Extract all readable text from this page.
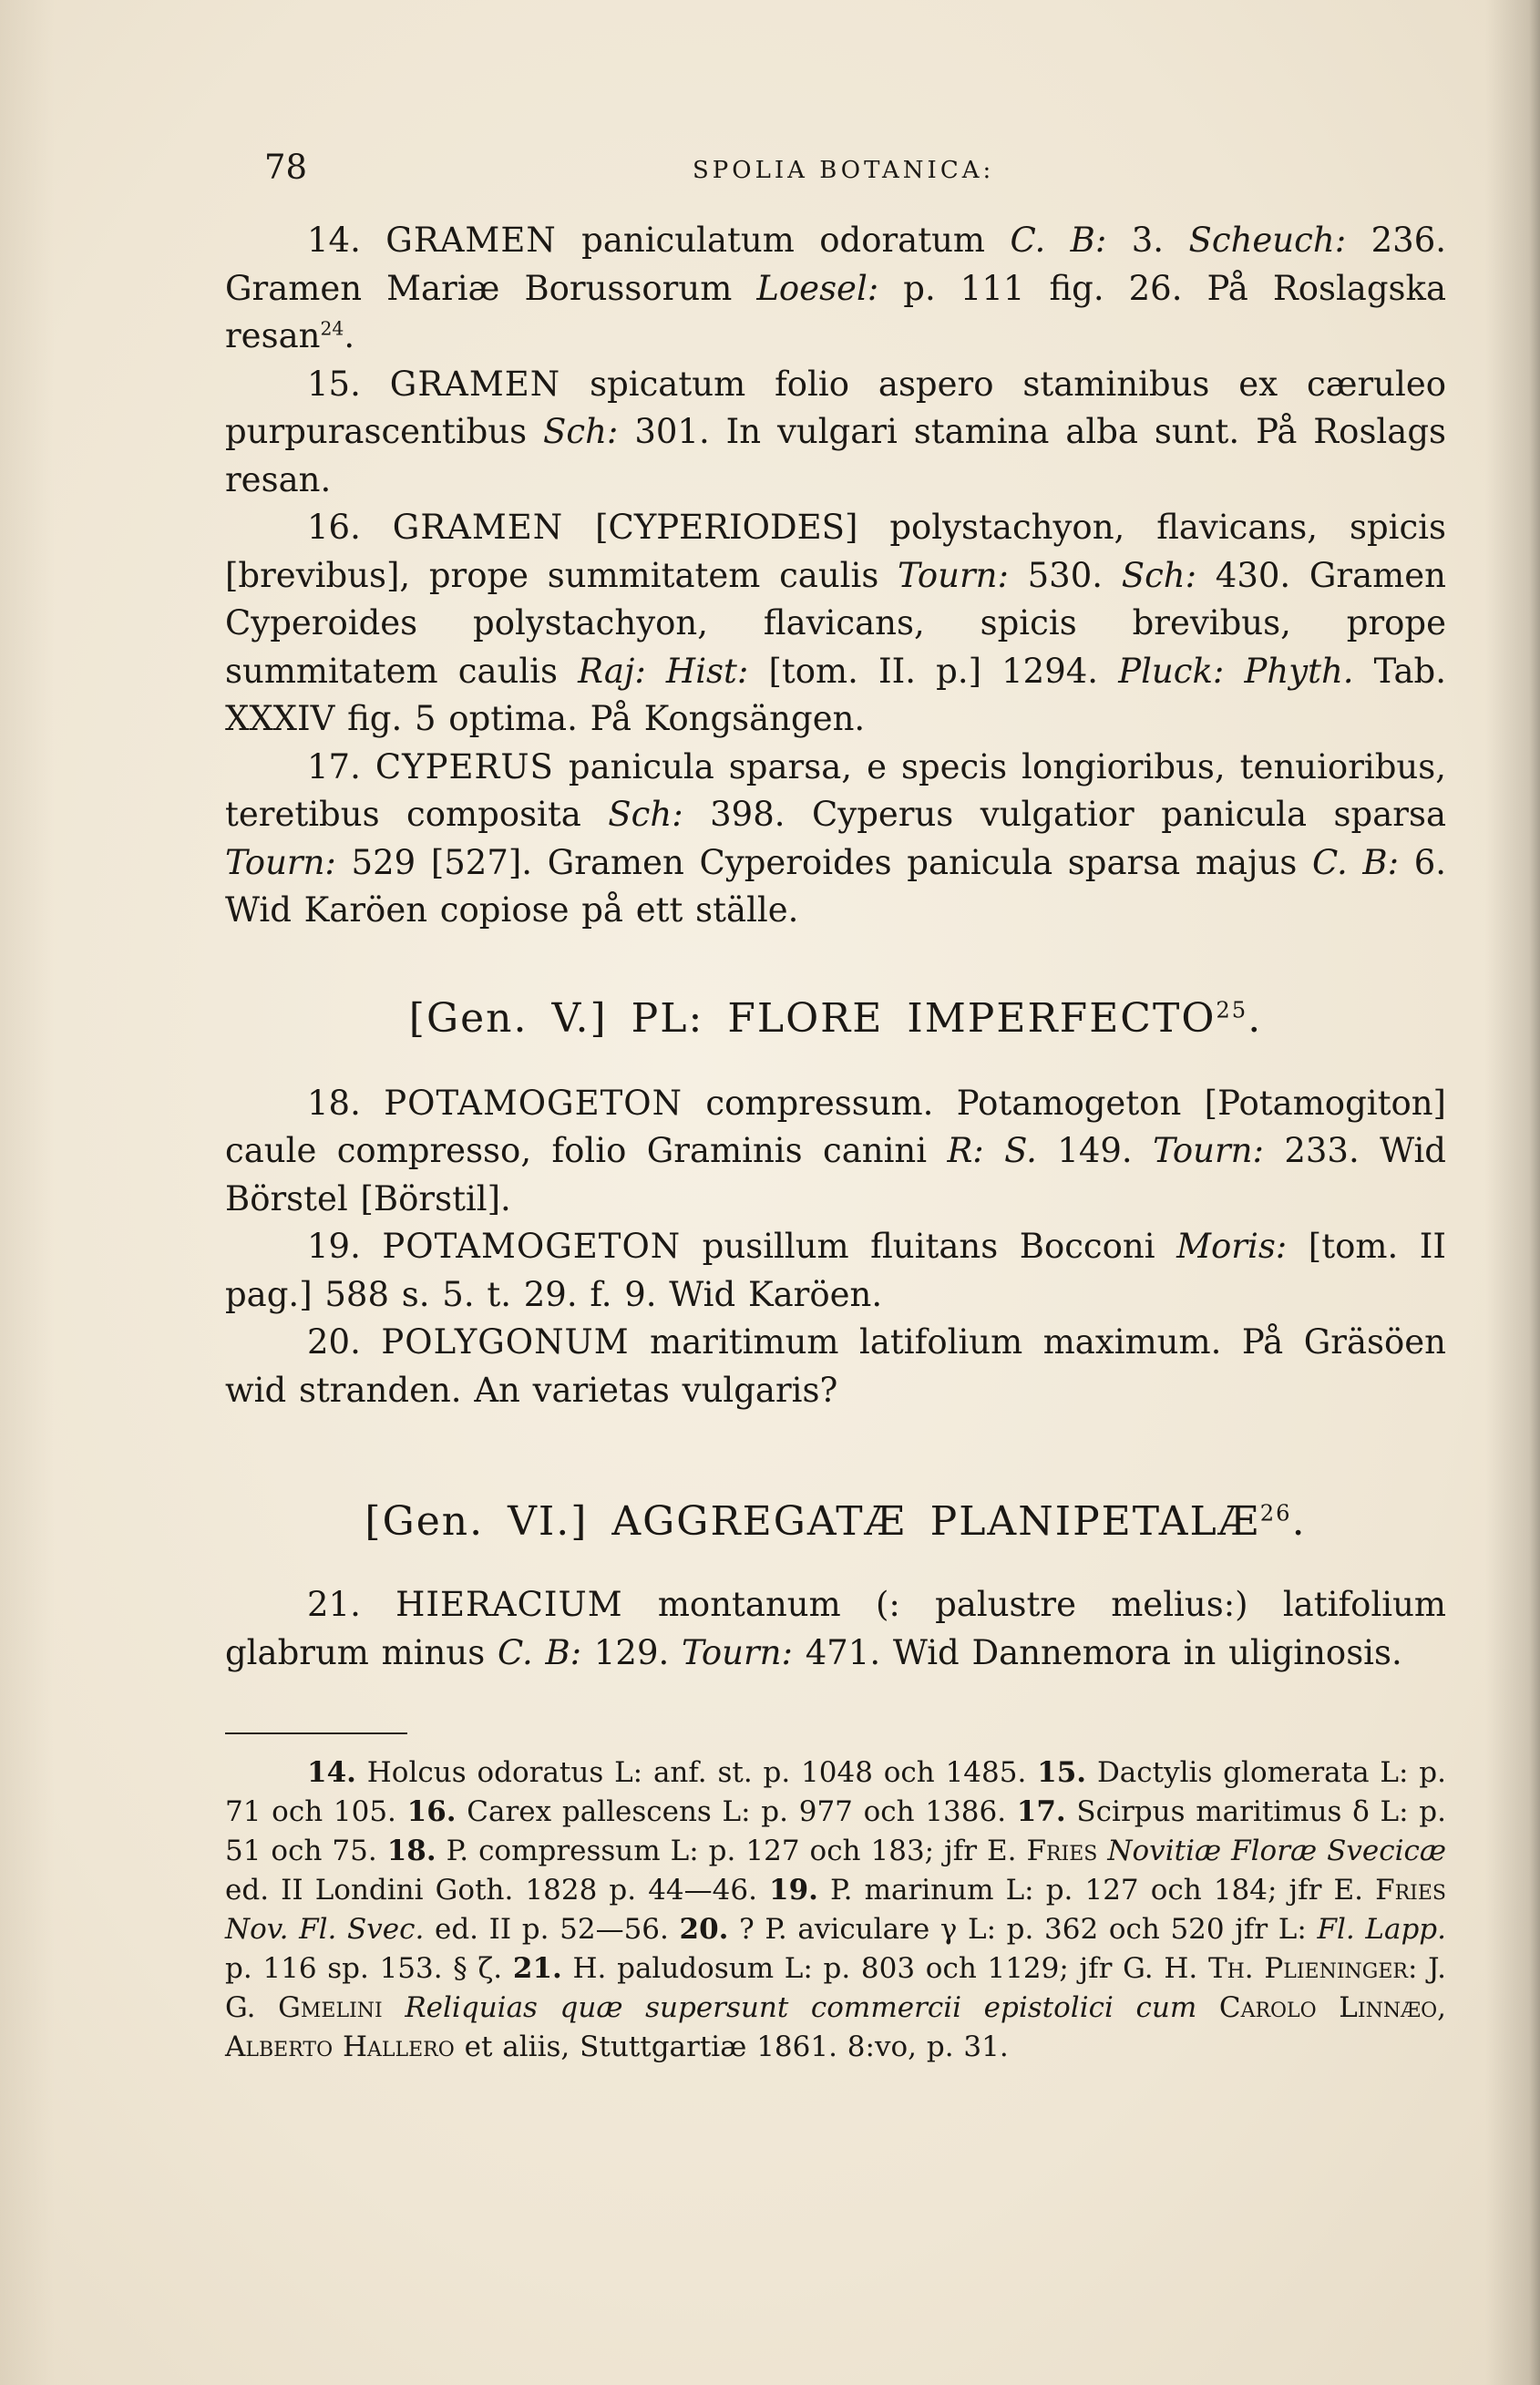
78	SPOLIA BOTANICA:

14. GRAMEN paniculatum odoratum C. B: 3. Scheuch: 236. Gramen Mariæ Borussorum Loesel: p. 111 fig. 26. På Roslagska resan$^{24}$.

15. GRAMEN spicatum folio aspero staminibus ex cæruleo purpurascentibus Sch: 301. In vulgari stamina alba sunt. På Roslags resan.

16. GRAMEN [CYPERIODES] polystachyon, flavicans, spicis [brevibus], prope summitatem caulis Tourn: 530. Sch: 430. Gramen Cyperoides polystachyon, flavicans, spicis brevibus, prope summitatem caulis Raj: Hist: [tom. II. p.] 1294. Pluck: Phyth. Tab. XXXIV fig. 5 optima. På Kongsängen.

17. CYPERUS panicula sparsa, e specis longioribus, tenuioribus, teretibus composita Sch: 398. Cyperus vulgatior panicula sparsa Tourn: 529 [527]. Gramen Cyperoides panicula sparsa majus C. B: 6. Wid Karöen copiose på ett ställe.

[Gen. V.] PL: FLORE IMPERFECTO$^{25}$.

18. POTAMOGETON compressum. Potamogeton [Potamogiton] caule compresso, folio Graminis canini R: S. 149. Tourn: 233. Wid Börstel [Börstil].

19. POTAMOGETON pusillum fluitans Bocconi Moris: [tom. II pag.] 588 s. 5. t. 29. f. 9. Wid Karöen.

20. POLYGONUM maritimum latifolium maximum. På Gräsöen wid stranden. An varietas vulgaris?

[Gen. VI.] AGGREGATÆ PLANIPETALÆ$^{26}$.

21. HIERACIUM montanum (: palustre melius:) latifolium glabrum minus C. B: 129. Tourn: 471. Wid Dannemora in uliginosis.

14. Holcus odoratus L: anf. st. p. 1048 och 1485. 15. Dactylis glomerata L: p. 71 och 105. 16. Carex pallescens L: p. 977 och 1386. 17. Scirpus maritimus δ L: p. 51 och 75. 18. P. compressum L: p. 127 och 183; jfr E. Fries Novitiæ Floræ Svecicæ ed. II Londini Goth. 1828 p. 44—46. 19. P. marinum L: p. 127 och 184; jfr E. Fries Nov. Fl. Svec. ed. II p. 52—56. 20. ? P. aviculare γ L: p. 362 och 520 jfr L: Fl. Lapp. p. 116 sp. 153. § ζ. 21. H. paludosum L: p. 803 och 1129; jfr G. H. Th. Plieninger: J. G. Gmelini Reliquias quæ supersunt commercii epistolici cum Carolo Linnæo, Alberto Hallero et aliis, Stuttgartiæ 1861. 8:vo, p. 31.
